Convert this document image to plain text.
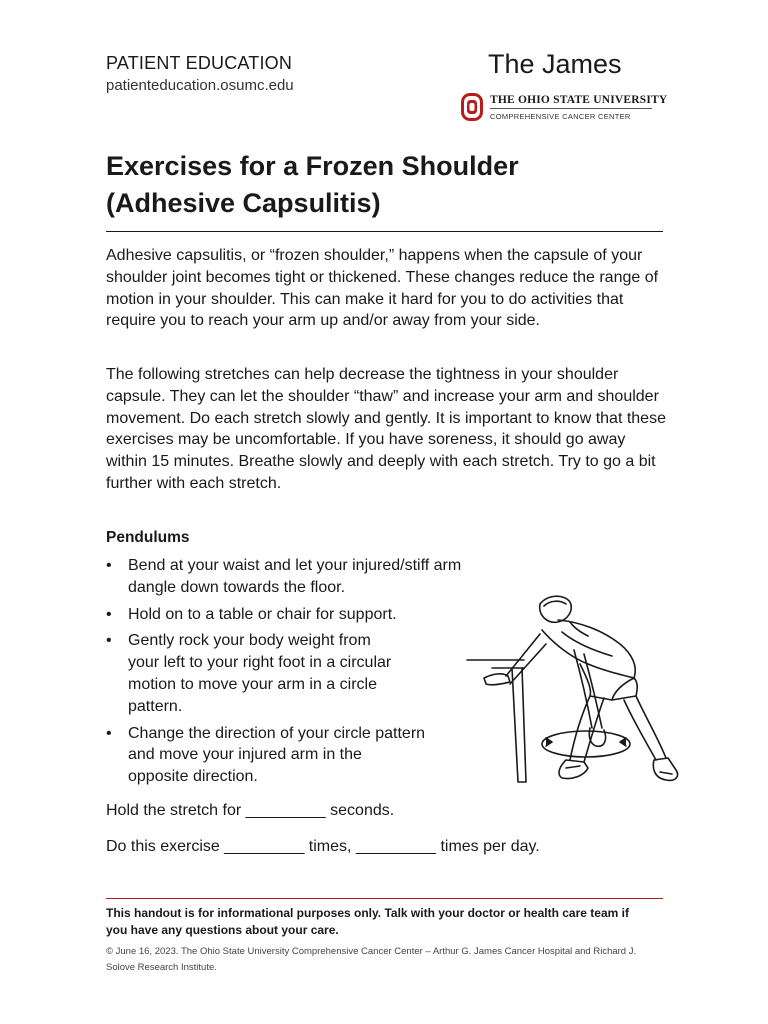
PATIENT EDUCATION
patienteducation.osumc.edu
The James
THE OHIO STATE UNIVERSITY
COMPREHENSIVE CANCER CENTER
Exercises for a Frozen Shoulder
(Adhesive Capsulitis)

Adhesive capsulitis, or “frozen shoulder,” happens when the capsule of your shoulder joint becomes tight or thickened. These changes reduce the range of motion in your shoulder. This can make it hard for you to do activities that require you to reach your arm up and/or away from your side.

The following stretches can help decrease the tightness in your shoulder capsule. They can let the shoulder “thaw” and increase your arm and shoulder movement. Do each stretch slowly and gently. It is important to know that these exercises may be uncomfortable. If you have soreness, it should go away within 15 minutes. Breathe slowly and deeply with each stretch. Try to go a bit further with each stretch.

Pendulums
• Bend at your waist and let your injured/stiff arm dangle down towards the floor.
• Hold on to a table or chair for support.
• Gently rock your body weight from your left to your right foot in a circular motion to move your arm in a circle pattern.
• Change the direction of your circle pattern and move your injured arm in the opposite direction.
Hold the stretch for _________ seconds.
Do this exercise _________ times, _________ times per day.
This handout is for informational purposes only. Talk with your doctor or health care team if you have any questions about your care.
© June 16, 2023. The Ohio State University Comprehensive Cancer Center – Arthur G. James Cancer Hospital and Richard J. Solove Research Institute.
